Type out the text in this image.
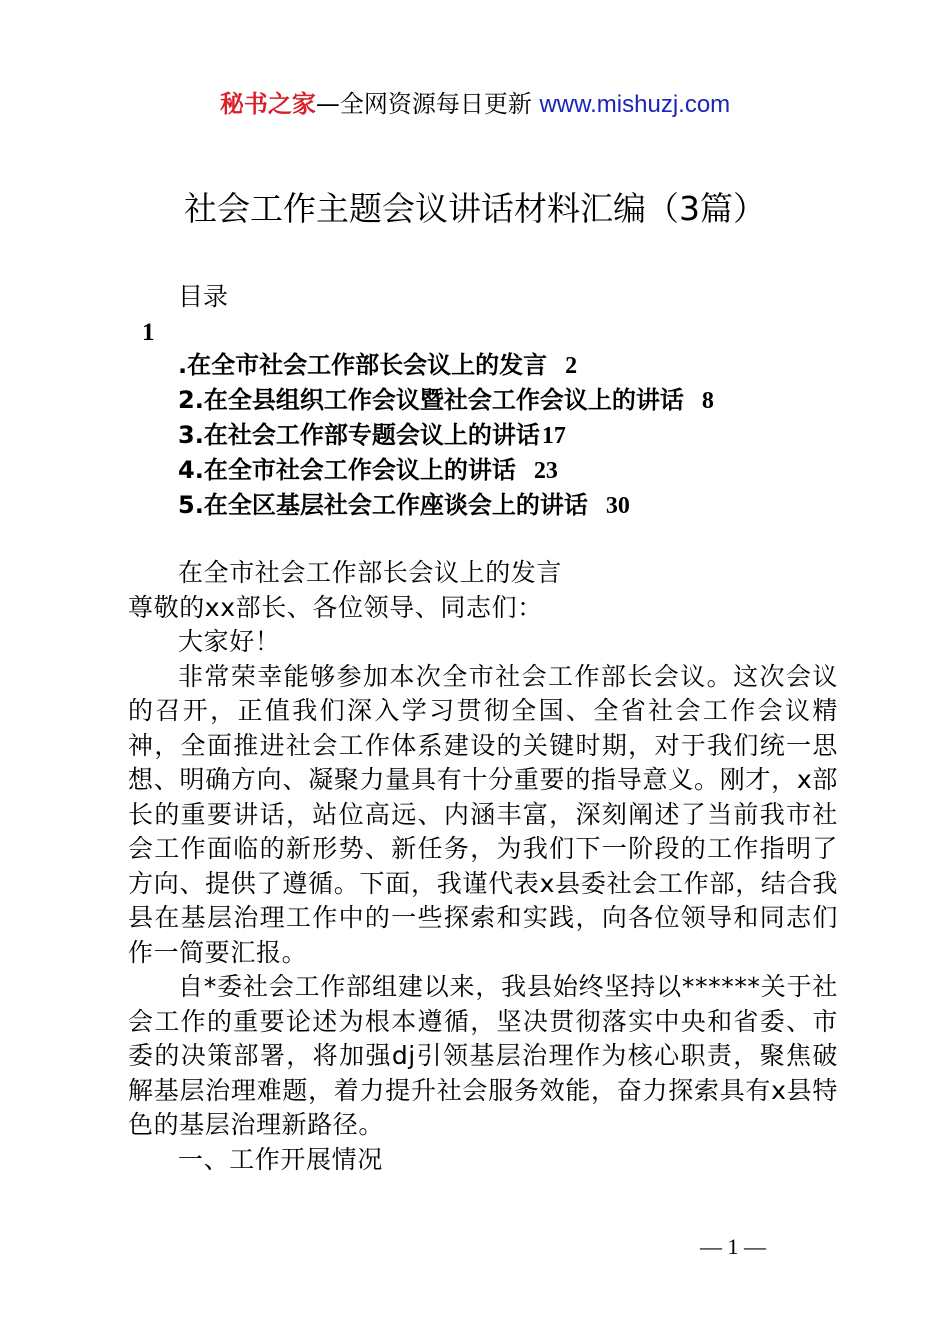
秘书之家—全网资源每日更新 www.mishuzj.com
社会工作主题会议讲话材料汇编（3篇）
目录
1
.在全市社会工作部长会议上的发言 2
2.在全县组织工作会议暨社会工作会议上的讲话 8
3.在社会工作部专题会议上的讲话17
4.在全市社会工作会议上的讲话 23
5.在全区基层社会工作座谈会上的讲话 30

在全市社会工作部长会议上的发言

尊敬的xx部长、各位领导、同志们：

大家好！

非常荣幸能够参加本次全市社会工作部长会议。这次会议的召开，正值我们深入学习贯彻全国、全省社会工作会议精神，全面推进社会工作体系建设的关键时期，对于我们统一思想、明确方向、凝聚力量具有十分重要的指导意义。刚才，x部长的重要讲话，站位高远、内涵丰富，深刻阐述了当前我市社会工作面临的新形势、新任务，为我们下一阶段的工作指明了方向、提供了遵循。下面，我谨代表x县委社会工作部，结合我县在基层治理工作中的一些探索和实践，向各位领导和同志们作一简要汇报。

自*委社会工作部组建以来，我县始终坚持以******关于社会工作的重要论述为根本遵循，坚决贯彻落实中央和省委、市委的决策部署，将加强dj引领基层治理作为核心职责，聚焦破解基层治理难题，着力提升社会服务效能，奋力探索具有x县特色的基层治理新路径。

一、工作开展情况

— 1 —
